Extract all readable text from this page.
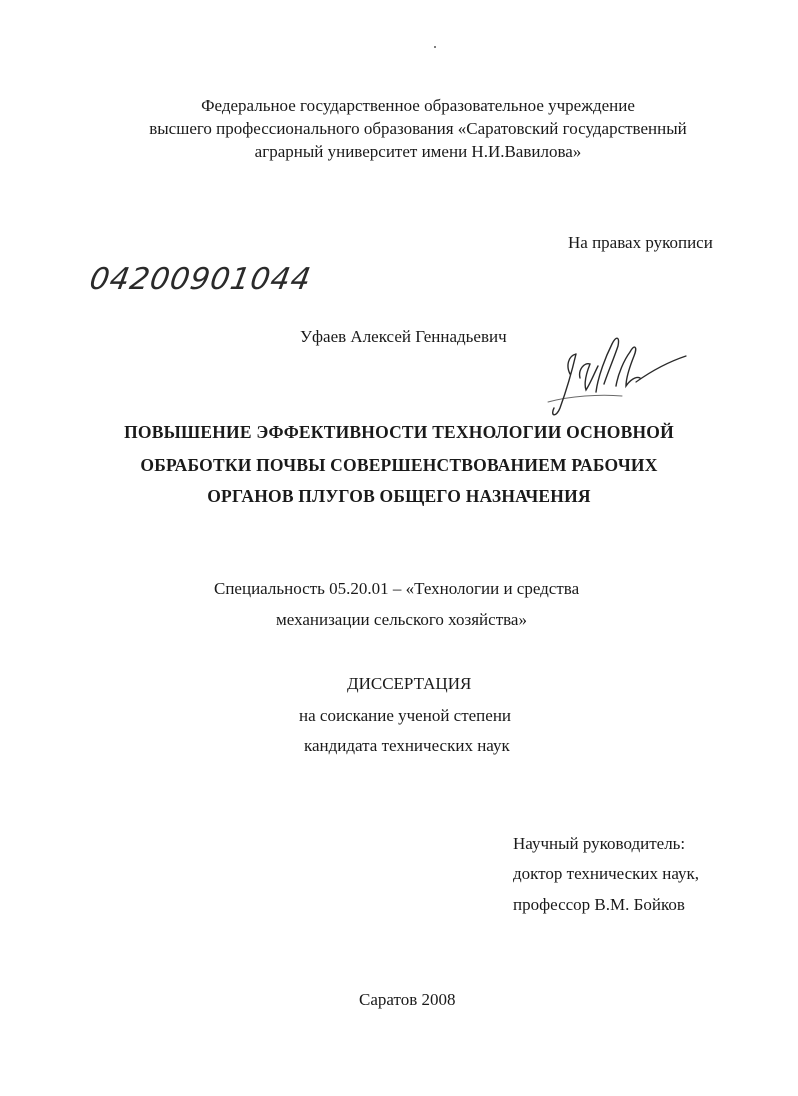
Федеральное государственное образовательное учреждение
высшего профессионального образования «Саратовский государственный
аграрный университет имени Н.И.Вавилова»
На правах рукописи
04200901044
Уфаев Алексей Геннадьевич
ПОВЫШЕНИЕ ЭФФЕКТИВНОСТИ ТЕХНОЛОГИИ ОСНОВНОЙ
ОБРАБОТКИ ПОЧВЫ СОВЕРШЕНСТВОВАНИЕМ РАБОЧИХ
ОРГАНОВ ПЛУГОВ ОБЩЕГО НАЗНАЧЕНИЯ
Специальность 05.20.01 – «Технологии и средства
механизации сельского хозяйства»
ДИССЕРТАЦИЯ
на соискание ученой степени
кандидата технических наук
Научный руководитель:
доктор технических наук,
профессор В.М. Бойков
Саратов 2008
